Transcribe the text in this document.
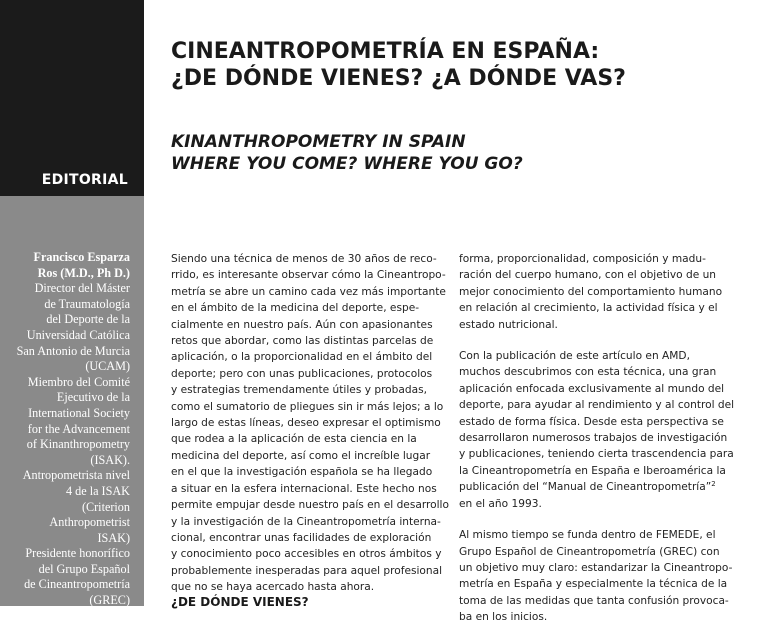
EDITORIAL
Francisco Esparza
Ros (M.D., Ph D.)
Director del Máster
de Traumatología
del Deporte de la
Universidad Católica
San Antonio de Murcia
(UCAM)
Miembro del Comité
Ejecutivo de la
International Society
for the Advancement
of Kinanthropometry
(ISAK).
Antropometrista nivel
4 de la ISAK
(Criterion
Anthropometrist
ISAK)
Presidente honorífico
del Grupo Español
de Cineantropometría
(GREC)
CINEANTROPOMETRÍA EN ESPAÑA:
¿DE DÓNDE VIENES? ¿A DÓNDE VAS?
KINANTHROPOMETRY IN SPAIN
WHERE YOU COME? WHERE YOU GO?

Siendo una técnica de menos de 30 años de reco-
rrido, es interesante observar cómo la Cineantropo-
metría se abre un camino cada vez más importante
en el ámbito de la medicina del deporte, espe-
cialmente en nuestro país. Aún con apasionantes
retos que abordar, como las distintas parcelas de
aplicación, o la proporcionalidad en el ámbito del
deporte; pero con unas publicaciones, protocolos
y estrategias tremendamente útiles y probadas,
como el sumatorio de pliegues sin ir más lejos; a lo
largo de estas líneas, deseo expresar el optimismo
que rodea a la aplicación de esta ciencia en la
medicina del deporte, así como el increíble lugar
en el que la investigación española se ha llegado
a situar en la esfera internacional. Este hecho nos
permite empujar desde nuestro país en el desarrollo
y la investigación de la Cineantropometría interna-
cional, encontrar unas facilidades de exploración
y conocimiento poco accesibles en otros ámbitos y
probablemente inesperadas para aquel profesional
que no se haya acercado hasta ahora.

¿DE DÓNDE VIENES?

forma, proporcionalidad, composición y madu-
ración del cuerpo humano, con el objetivo de un
mejor conocimiento del comportamiento humano
en relación al crecimiento, la actividad física y el
estado nutricional.

Con la publicación de este artículo en AMD,
muchos descubrimos con esta técnica, una gran
aplicación enfocada exclusivamente al mundo del
deporte, para ayudar al rendimiento y al control del
estado de forma física. Desde esta perspectiva se
desarrollaron numerosos trabajos de investigación
y publicaciones, teniendo cierta trascendencia para
la Cineantropometría en España e Iberoamérica la
publicación del “Manual de Cineantropometría”$^2$
en el año 1993.

Al mismo tiempo se funda dentro de FEMEDE, el
Grupo Español de Cineantropometría (GREC) con
un objetivo muy claro: estandarizar la Cineantropo-
metría en España y especialmente la técnica de la
toma de las medidas que tanta confusión provoca-
ba en los inicios.
